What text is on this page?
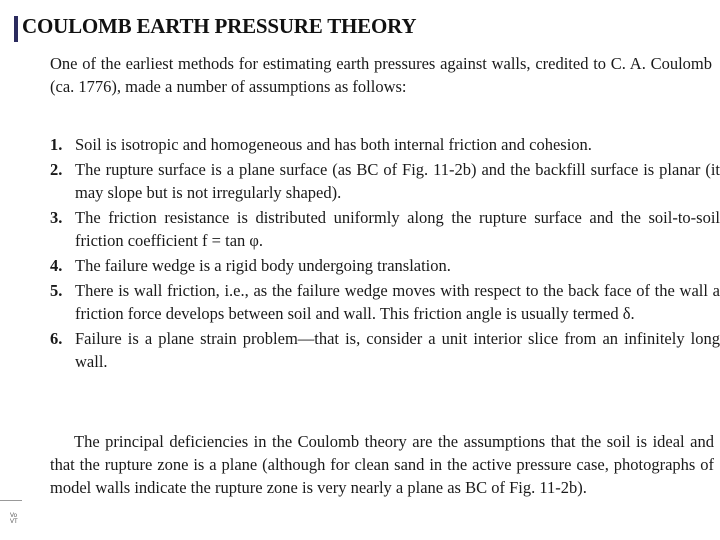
COULOMB EARTH PRESSURE THEORY

One of the earliest methods for estimating earth pressures against walls, credited to C. A. Coulomb (ca. 1776), made a number of assumptions as follows:

1. Soil is isotropic and homogeneous and has both internal friction and cohesion.
2. The rupture surface is a plane surface (as BC of Fig. 11-2b) and the backfill surface is planar (it may slope but is not irregularly shaped).
3. The friction resistance is distributed uniformly along the rupture surface and the soil-to-soil friction coefficient f = tan φ.
4. The failure wedge is a rigid body undergoing translation.
5. There is wall friction, i.e., as the failure wedge moves with respect to the back face of the wall a friction force develops between soil and wall. This friction angle is usually termed δ.
6. Failure is a plane strain problem—that is, consider a unit interior slice from an infinitely long wall.

The principal deficiencies in the Coulomb theory are the assumptions that the soil is ideal and that the rupture zone is a plane (although for clean sand in the active pressure case, photographs of model walls indicate the rupture zone is very nearly a plane as BC of Fig. 11-2b).

Vo VT
